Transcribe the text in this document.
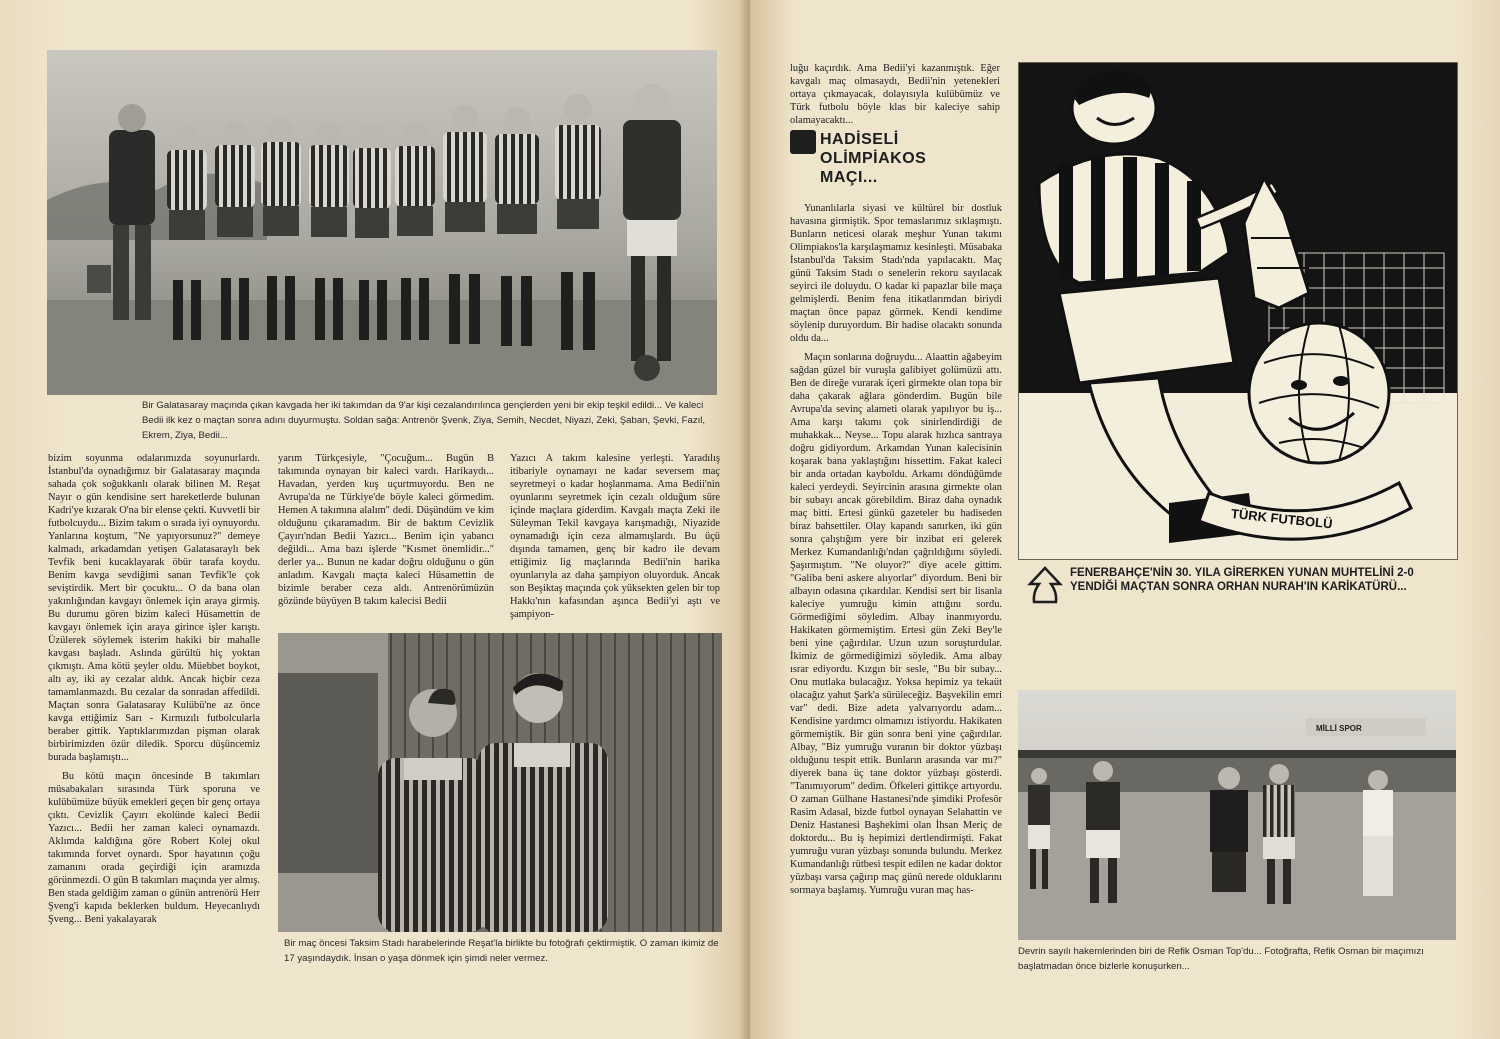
Bir Galatasaray maçında çıkan kavgada her iki takımdan da 9'ar kişi cezalandırılınca gençlerden yeni bir ekip teşkil edildi... Ve kaleci Bedii ilk kez o maçtan sonra adını duyurmuştu. Soldan sağa: Antrenör Şvenk, Ziya, Semih, Necdet, Niyazi, Zeki, Şaban, Şevki, Fazıl, Ekrem, Ziya, Bedii...

bizim soyunma odalarımızda soyunurlardı. İstanbul'da oynadığımız bir Galatasaray maçında sahada çok soğukkanlı olarak bilinen M. Reşat Nayır o gün kendisine sert hareketlerde bulunan Kadri'ye kızarak O'na bir elense çekti. Kuvvetli bir futbolcuydu... Bizim takım o sırada iyi oynuyordu. Yanlarına koştum, "Ne yapıyorsunuz?" demeye kalmadı, arkadamdan yetişen Galatasaraylı bek Tevfik beni kucaklayarak öbür tarafa koydu. Benim kavga sevdiğimi sanan Tevfik'le çok seviştirdik. Mert bir çocuktu... O da bana olan yakınlığından kavgayı önlemek için araya girmiş. Bu durumu gören bizim kaleci Hüsamettin de kavgayı önlemek için araya girince işler karıştı. Üzülerek söylemek isterim hakiki bir mahalle kavgası başladı. Aslında gürültü hiç yoktan çıkmıştı. Ama kötü şeyler oldu. Müebbet boykot, altı ay, iki ay cezalar aldık. Ancak hiçbir ceza tamamlanmazdı. Bu cezalar da sonradan affedildi. Maçtan sonra Galatasaray Kulübü'ne az önce kavga ettiğimiz Sarı - Kırmızılı futbolcularla beraber gittik. Yaptıklarımızdan pişman olarak birbirimizden özür diledik. Sporcu düşüncemiz burada başlamıştı...

Bu kötü maçın öncesinde B takımları müsabakaları sırasında Türk sporuna ve kulübümüze büyük emekleri geçen bir genç ortaya çıktı. Cevizlik Çayırı ekolünde kaleci Bedii Yazıcı... Bedii her zaman kaleci oynamazdı. Aklımda kaldığına göre Robert Kolej okul takımında forvet oynardı. Spor hayatının çoğu zamanını orada geçirdiği için aramızda görünmezdi. O gün B takımları maçında yer almış. Ben stada geldiğim zaman o günün antrenörü Herr Şveng'i kapıda beklerken buldum. Heyecanlıydı Şveng... Beni yakalayarak

yarım Türkçesiyle, "Çocuğum... Bugün B takımında oynayan bir kaleci vardı. Harikaydı... Havadan, yerden kuş uçurtmuyordu. Ben ne Avrupa'da ne Türkiye'de böyle kaleci görmedim. Hemen A takımına alalım" dedi. Düşündüm ve kim olduğunu çıkaramadım. Bir de baktım Cevizlik Çayırı'ndan Bedii Yazıcı... Benim için yabancı değildi... Ama bazı işlerde "Kısmet önemlidir..." derler ya... Bunun ne kadar doğru olduğunu o gün anladım. Kavgalı maçta kaleci Hüsamettin de bizimle beraber ceza aldı. Antrenörümüzün gözünde büyüyen B takım kalecisi Bedii

Yazıcı A takım kalesine yerleşti. Yaradılış itibariyle oynamayı ne kadar seversem maç seyretmeyi o kadar hoşlanmama. Ama Bedii'nin oyunlarını seyretmek için cezalı olduğum süre içinde maçlara giderdim. Kavgalı maçta Zeki ile Süleyman Tekil kavgaya karışmadığı, Niyazide oynamadığı için ceza almamışlardı. Bu üçü dışında tamamen, genç bir kadro ile devam ettiğimiz lig maçlarında Bedii'nin harika oyunlarıyla az daha şampiyon oluyorduk. Ancak son Beşiktaş maçında çok yüksekten gelen bir top Hakkı'nın kafasından aşınca Bedii'yi aştı ve şampiyon-

Bir maç öncesi Taksim Stadı harabelerinde Reşat'la birlikte bu fotoğrafı çektirmiştik. O zaman ikimiz de 17 yaşındaydık. İnsan o yaşa dönmek için şimdi neler vermez.

luğu kaçırdık. Ama Bedii'yi kazanmıştık. Eğer kavgalı maç olmasaydı, Bedii'nin yetenekleri ortaya çıkmayacak, dolayısıyla kulübümüz ve Türk futbolu böyle klas bir kaleciye sahip olamayacaktı...

HADİSELİ
OLİMPİAKOS
MAÇI...

Yunanlılarla siyasi ve kültürel bir dostluk havasına girmiştik. Spor temaslarımız sıklaşmıştı. Bunların neticesi olarak meşhur Yunan takımı Olimpiakos'la karşılaşmamız kesinleşti. Müsabaka İstanbul'da Taksim Stadı'nda yapılacaktı. Maç günü Taksim Stadı o senelerin rekoru sayılacak seyirci ile doluydu. O kadar ki papazlar bile maça gelmişlerdi. Benim fena itikatlarımdan biriydi maçtan önce papaz görmek. Kendi kendime söylenip duruyordum. Bir hadise olacaktı sonunda oldu da...

Maçın sonlarına doğruydu... Alaattin ağabeyim sağdan güzel bir vuruşla galibiyet golümüzü attı. Ben de direğe vurarak içeri girmekte olan topa bir daha çakarak ağlara gönderdim. Bugün bile Avrupa'da sevinç alameti olarak yapılıyor bu iş... Ama karşı takımı çok sinirlendirdiği de muhakkak... Neyse... Topu alarak hızlıca santraya doğru gidiyordum. Arkamdan Yunan kalecisinin koşarak bana yaklaştığını hissettim. Fakat kaleci bir anda ortadan kayboldu. Arkamı döndüğümde kaleci yerdeydi. Seyircinin arasına girmekte olan bir subayı ancak görebildim. Biraz daha oynadık maç bitti. Ertesi günkü gazeteler bu hadiseden biraz bahsettiler. Olay kapandı sanırken, iki gün sonra çalıştığım yere bir inzibat eri gelerek Merkez Kumandanlığı'ndan çağrıldığımı söyledi. Şaşırmıştım. "Ne oluyor?" diye acele gittim. "Galiba beni askere alıyorlar" diyordum. Beni bir albayın odasına çıkardılar. Kendisi sert bir lisanla kaleciye yumruğu kimin attığını sordu. Görmediğimi söyledim. Albay inanmıyordu. Hakikaten görmemiştim. Ertesi gün Zeki Bey'le beni yine çağırdılar. Uzun uzun soruşturdular. İkimiz de görmediğimizi söyledik. Ama albay ısrar ediyordu. Kızgın bir sesle, "Bu bir subay... Onu mutlaka bulacağız. Yoksa hepimiz ya tekaüt olacağız yahut Şark'a sürüleceğiz. Başvekilin emri var" dedi. Bize adeta yalvarıyordu adam... Kendisine yardımcı olmamızı istiyordu. Hakikaten görmemiştik. Bir gün sonra beni yine çağırdılar. Albay, "Biz yumruğu vuranın bir doktor yüzbaşı olduğunu tespit ettik. Bunların arasında var mı?" diyerek bana üç tane doktor yüzbaşı gösterdi. "Tanımıyorum" dedim. Öfkeleri gittikçe artıyordu. O zaman Gülhane Hastanesi'nde şimdiki Profesör Rasim Adasal, bizde futbol oynayan Selahattin ve Deniz Hastanesi Başhekimi olan İhsan Meriç de doktordu... Bu iş hepimizi dertlendirmişti. Fakat yumruğu vuran yüzbaşı sonunda bulundu. Merkez Kumandanlığı rütbesi tespit edilen ne kadar doktor yüzbaşı varsa çağırıp maç günü nerede olduklarını sormaya başlamış. Yumruğu vuran maç has-

TÜRK FUTBOLÜ
FENERBAHÇE'NİN 30. YILA GİRERKEN YUNAN MUHTELİNİ 2-0 YENDİĞİ MAÇTAN SONRA ORHAN NURAH'IN KARİKATÜRÜ...
MİLLİ SPOR
Devrin sayılı hakemlerinden biri de Refik Osman Top'du... Fotoğrafta, Refik Osman bir maçımızı başlatmadan önce bizlerle konuşurken...
